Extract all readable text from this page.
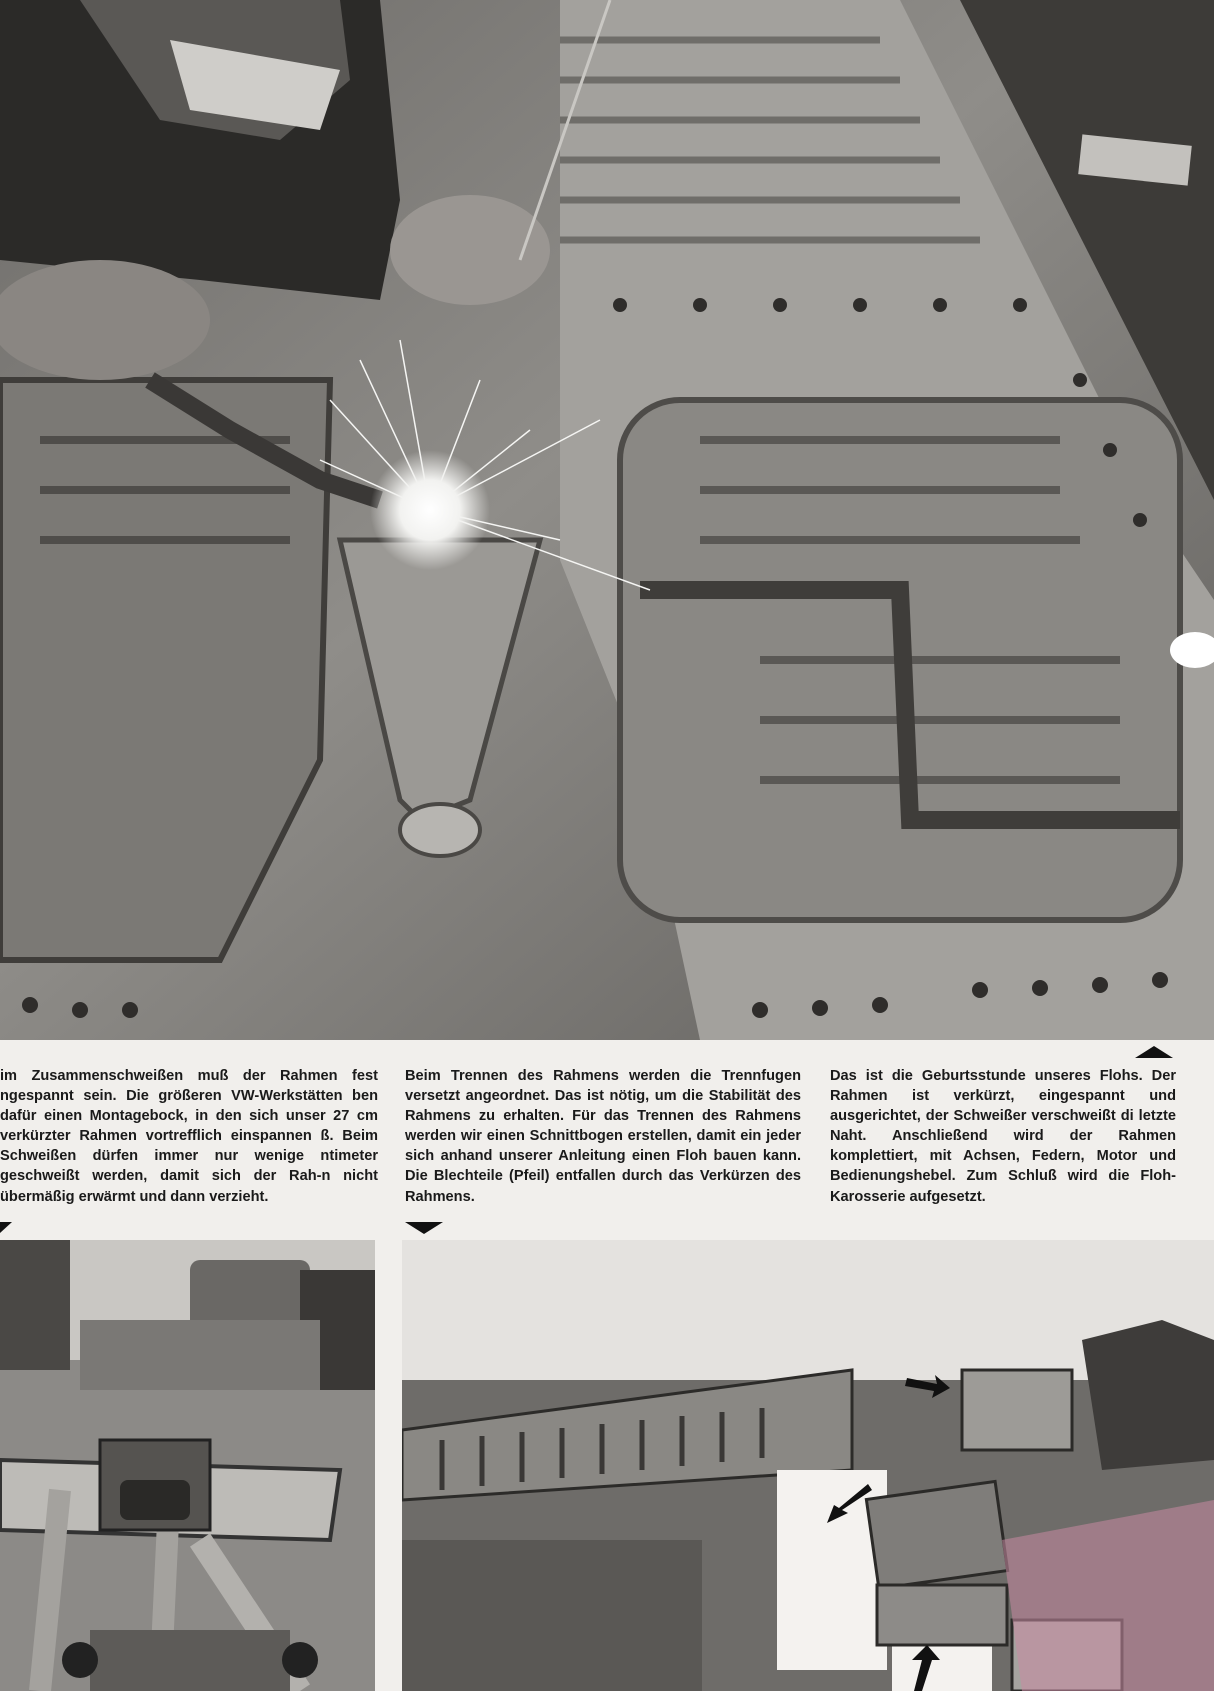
im Zusammenschweißen muß der Rahmen fest ngespannt sein. Die größeren VW-Werkstätten ben dafür einen Montagebock, in den sich unser 27 cm verkürzter Rahmen vortrefflich einspannen ß. Beim Schweißen dürfen immer nur wenige ntimeter geschweißt werden, damit sich der Rah-n nicht übermäßig erwärmt und dann verzieht.

Beim Trennen des Rahmens werden die Trennfugen versetzt angeordnet. Das ist nötig, um die Stabilität des Rahmens zu erhalten. Für das Trennen des Rahmens werden wir einen Schnittbogen erstellen, damit ein jeder sich anhand unserer Anleitung einen Floh bauen kann. Die Blechteile (Pfeil) entfallen durch das Verkürzen des Rahmens.

Das ist die Geburtsstunde unseres Flohs. Der Rahmen ist verkürzt, eingespannt und ausgerichtet, der Schweißer verschweißt di letzte Naht. Anschließend wird der Rahmen komplettiert, mit Achsen, Federn, Motor und Bedienungshebel. Zum Schluß wird die Floh-Karosserie aufgesetzt.
